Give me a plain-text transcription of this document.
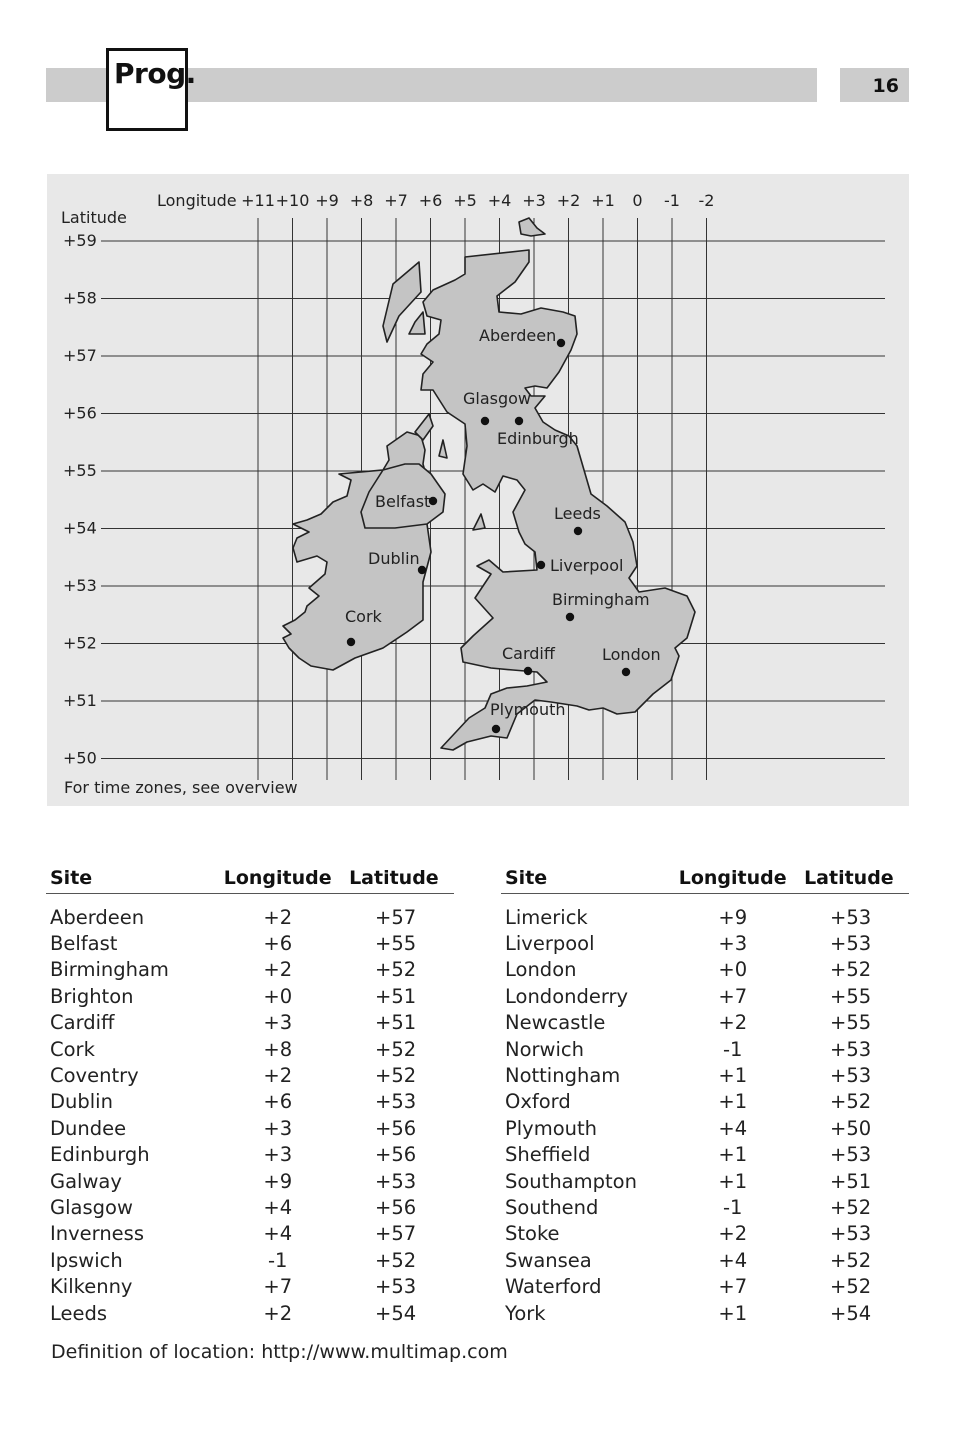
Prog.	16
+59
+58
+57
+56
+55
+54
+53
+52
+51
+50
+11 +10 +9 +8 +7 +6 +5 +4 +3 +2 +1 0 -1 -2
Aberdeen
Glasgow
Edinburgh
Belfast
Leeds
Dublin	Liverpool
Birmingham
Cork
Cardiff	London
Plymouth
Longitude
Latitude
For time zones, see overview
Site	Longitude Latitude
Aberdeen	+2	+57
Belfast	+6	+55
Birmingham	+2	+52
Brighton	+0	+51
Cardiff	+3	+51
Cork	+8	+52
Coventry	+2	+52
Dublin	+6	+53
Dundee	+3	+56
Edinburgh	+3	+56
Galway	+9	+53
Glasgow	+4	+56
Inverness	+4	+57
Ipswich	-1	+52
Kilkenny	+7	+53
Leeds	+2	+54
Site	Longitude Latitude
Limerick	+9	+53
Liverpool	+3	+53
London	+0	+52
Londonderry	+7	+55
Newcastle	+2	+55
Norwich	-1	+53
Nottingham	+1	+53
Oxford	+1	+52
Plymouth	+4	+50
Sheffield	+1	+53
Southampton	+1	+51
Southend	-1	+52
Stoke	+2	+53
Swansea	+4	+52
Waterford	+7	+52
York	+1	+54
Definition of location: http://www.multimap.com
